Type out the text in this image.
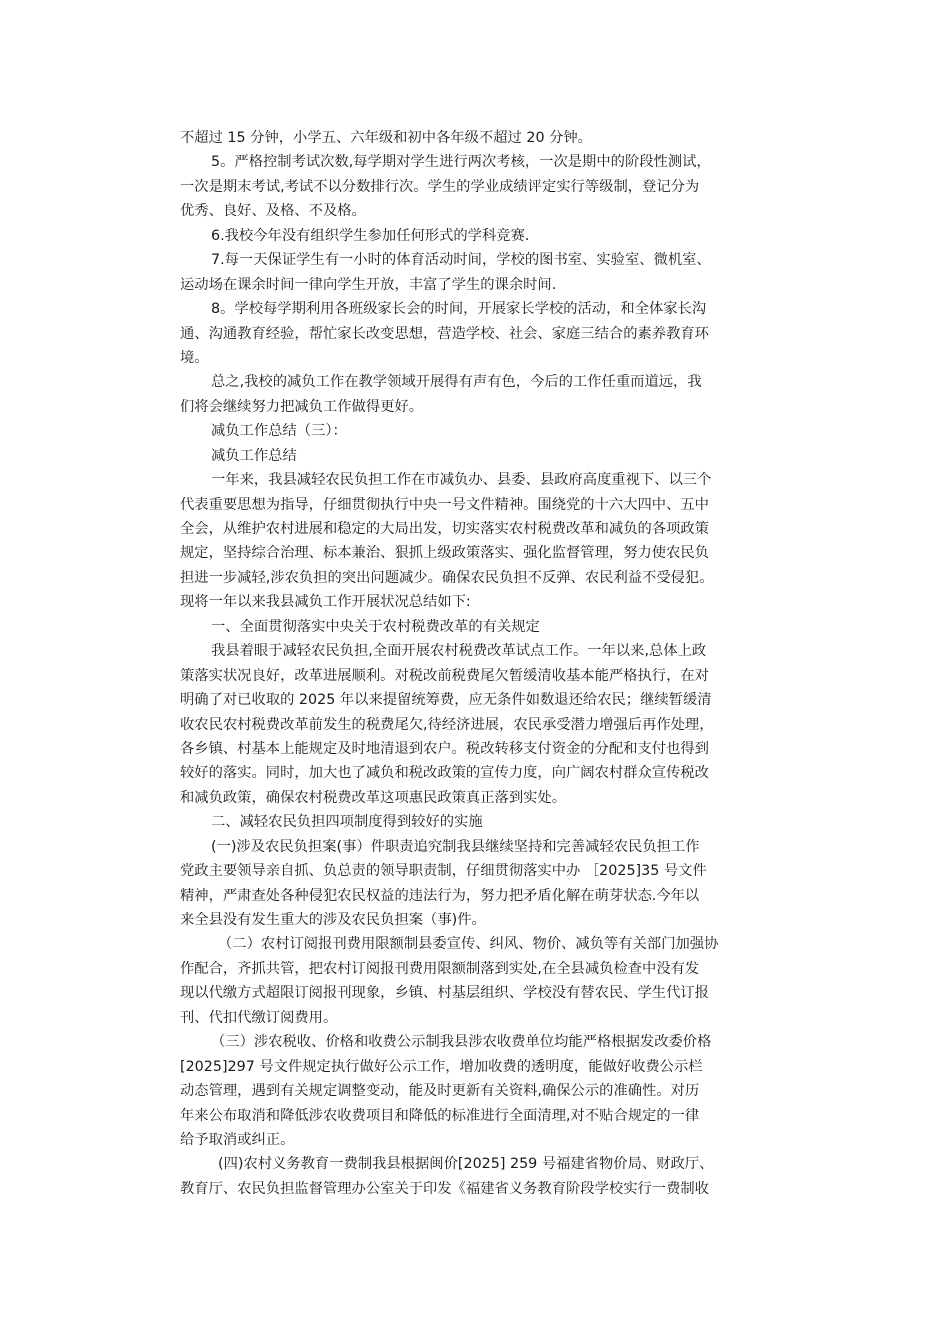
不超过 15 分钟，小学五、六年级和初中各年级不超过 20 分钟。
5。严格控制考试次数,每学期对学生进行两次考核，一次是期中的阶段性测试，
一次是期末考试,考试不以分数排行次。学生的学业成绩评定实行等级制，登记分为
优秀、良好、及格、不及格。
6.我校今年没有组织学生参加任何形式的学科竞赛.
7.每一天保证学生有一小时的体育活动时间，学校的图书室、实验室、微机室、
运动场在课余时间一律向学生开放，丰富了学生的课余时间.
8。学校每学期利用各班级家长会的时间，开展家长学校的活动，和全体家长沟
通、沟通教育经验，帮忙家长改变思想，营造学校、社会、家庭三结合的素养教育环
境。
总之,我校的减负工作在教学领域开展得有声有色，今后的工作任重而道远，我
们将会继续努力把减负工作做得更好。
减负工作总结（三）：
减负工作总结
一年来，我县减轻农民负担工作在市减负办、县委、县政府高度重视下、以三个
代表重要思想为指导，仔细贯彻执行中央一号文件精神。围绕党的十六大四中、五中
全会，从维护农村进展和稳定的大局出发，切实落实农村税费改革和减负的各项政策
规定，坚持综合治理、标本兼治、狠抓上级政策落实、强化监督管理，努力使农民负
担进一步减轻,涉农负担的突出问题减少。确保农民负担不反弹、农民利益不受侵犯。
现将一年以来我县减负工作开展状况总结如下:
一、全面贯彻落实中央关于农村税费改革的有关规定
我县着眼于减轻农民负担,全面开展农村税费改革试点工作。一年以来,总体上政
策落实状况良好，改革进展顺利。对税改前税费尾欠暂缓清收基本能严格执行，在对
明确了对已收取的 2025 年以来提留统筹费，应无条件如数退还给农民；继续暂缓清
收农民农村税费改革前发生的税费尾欠,待经济进展，农民承受潜力增强后再作处理，
各乡镇、村基本上能规定及时地清退到农户。税改转移支付资金的分配和支付也得到
较好的落实。同时，加大也了减负和税改政策的宣传力度，向广阔农村群众宣传税改
和减负政策，确保农村税费改革这项惠民政策真正落到实处。
二、减轻农民负担四项制度得到较好的实施
(一)涉及农民负担案(事）件职责追究制我县继续坚持和完善减轻农民负担工作
党政主要领导亲自抓、负总责的领导职责制，仔细贯彻落实中办 ［2025]35 号文件
精神，严肃查处各种侵犯农民权益的违法行为，努力把矛盾化解在萌芽状态.今年以
来全县没有发生重大的涉及农民负担案（事)件。
（二）农村订阅报刊费用限额制县委宣传、纠风、物价、减负等有关部门加强协
作配合，齐抓共管，把农村订阅报刊费用限额制落到实处,在全县减负检查中没有发
现以代缴方式超限订阅报刊现象，乡镇、村基层组织、学校没有替农民、学生代订报
刊、代扣代缴订阅费用。
（三）涉农税收、价格和收费公示制我县涉农收费单位均能严格根据发改委价格
[2025]297 号文件规定执行做好公示工作，增加收费的透明度，能做好收费公示栏
动态管理，遇到有关规定调整变动，能及时更新有关资料,确保公示的准确性。对历
年来公布取消和降低涉农收费项目和降低的标准进行全面清理,对不贴合规定的一律
给予取消或纠正。
(四)农村义务教育一费制我县根据闽价[2025] 259 号福建省物价局、财政厅、
教育厅、农民负担监督管理办公室关于印发《福建省义务教育阶段学校实行一费制收
